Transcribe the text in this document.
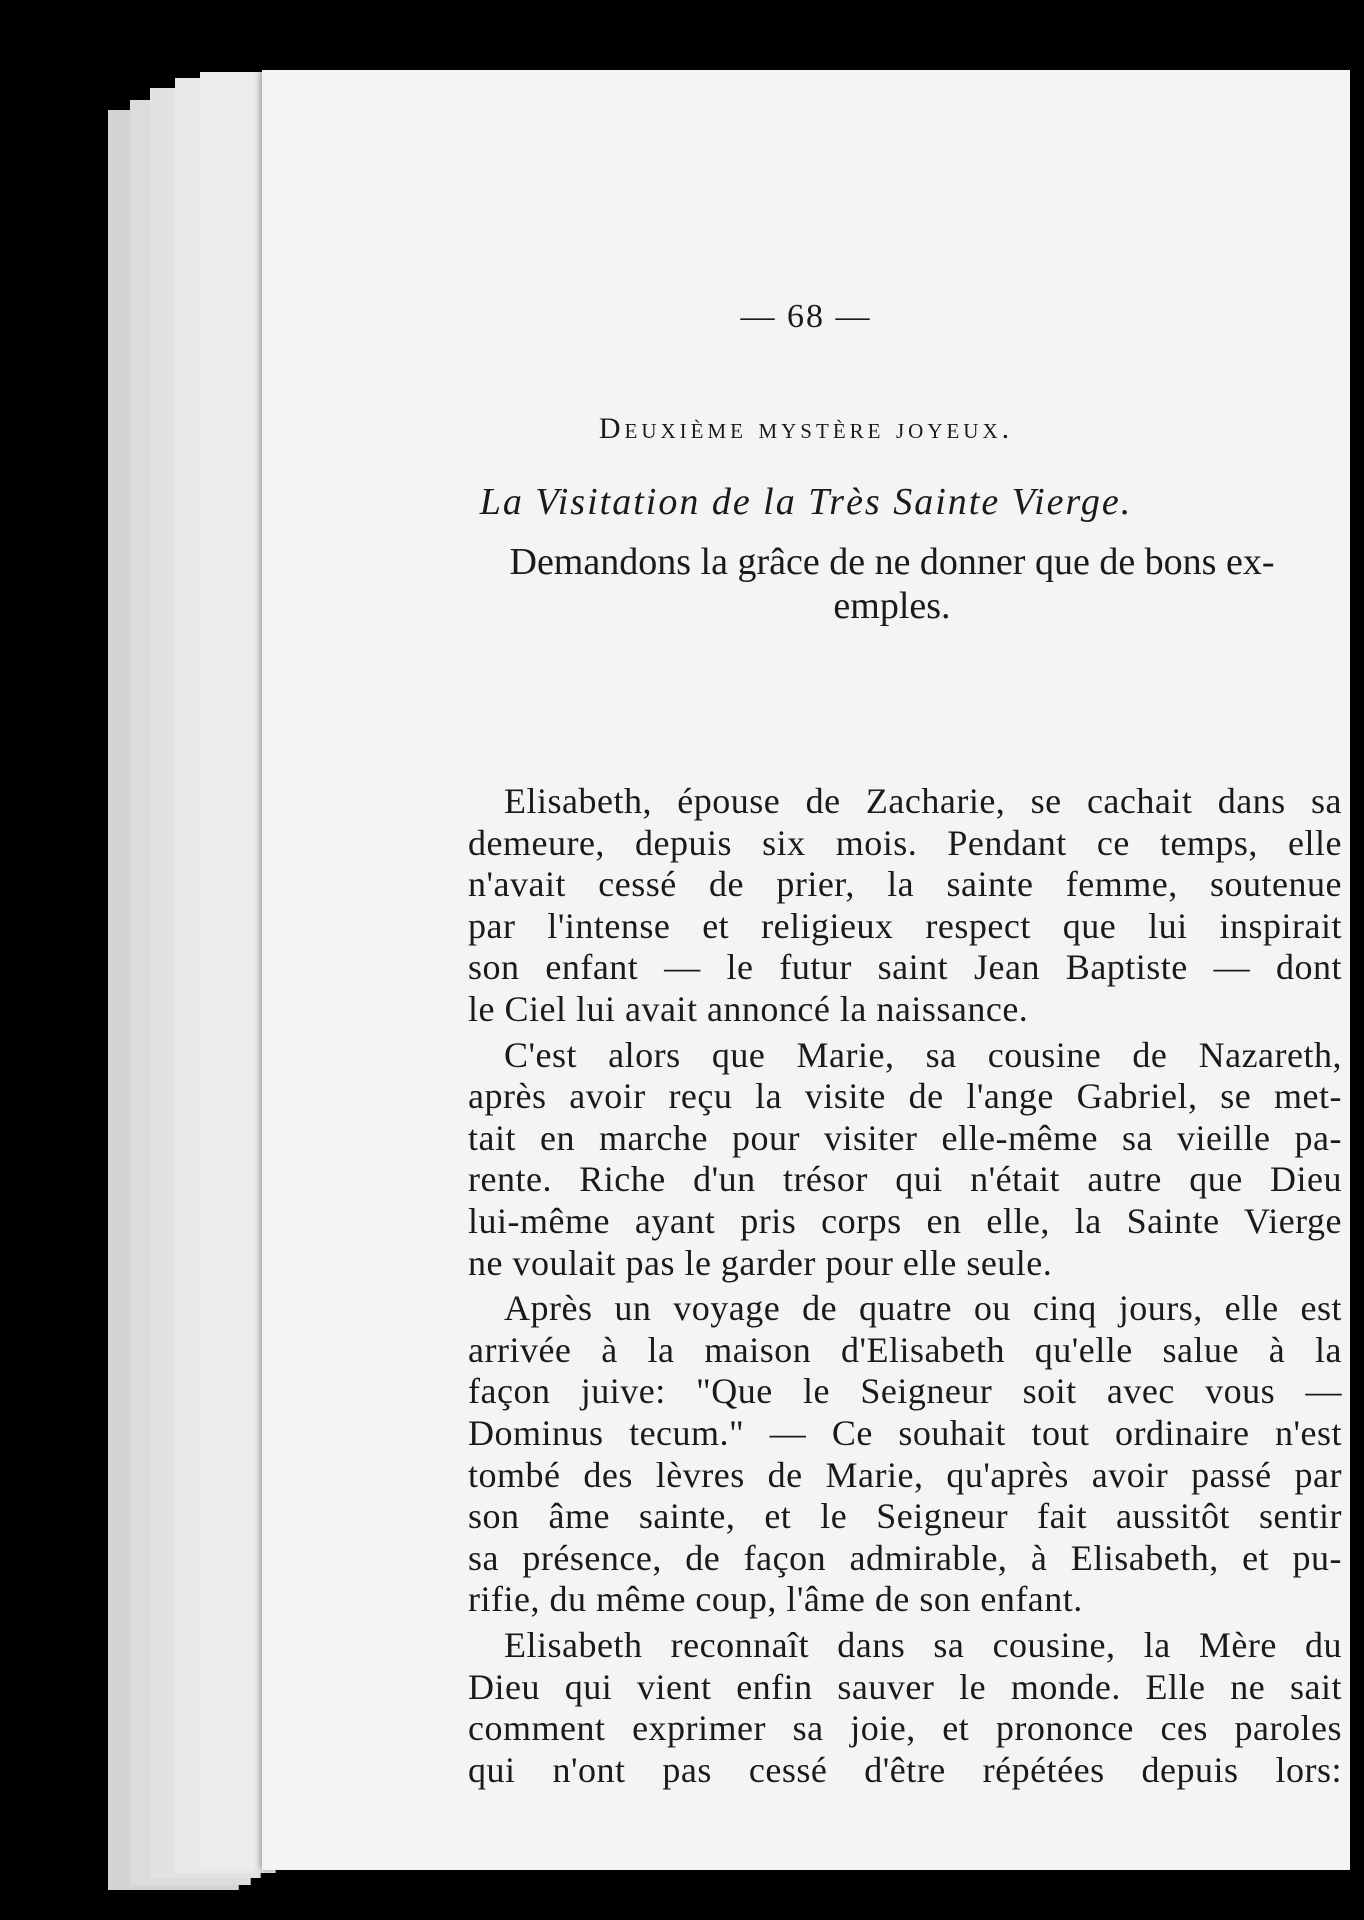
— 68 —
Deuxième mystère joyeux.
La Visitation de la Très Sainte Vierge.
Demandons la grâce de ne donner que de bons ex-
emples.
Elisabeth, épouse de Zacharie, se cachait dans sa
demeure, depuis six mois. Pendant ce temps, elle
n'avait cessé de prier, la sainte femme, soutenue
par l'intense et religieux respect que lui inspirait
son enfant — le futur saint Jean Baptiste — dont
le Ciel lui avait annoncé la naissance.
C'est alors que Marie, sa cousine de Nazareth,
après avoir reçu la visite de l'ange Gabriel, se met-
tait en marche pour visiter elle-même sa vieille pa-
rente. Riche d'un trésor qui n'était autre que Dieu
lui-même ayant pris corps en elle, la Sainte Vierge
ne voulait pas le garder pour elle seule.
Après un voyage de quatre ou cinq jours, elle est
arrivée à la maison d'Elisabeth qu'elle salue à la
façon juive: "Que le Seigneur soit avec vous —
Dominus tecum." — Ce souhait tout ordinaire n'est
tombé des lèvres de Marie, qu'après avoir passé par
son âme sainte, et le Seigneur fait aussitôt sentir
sa présence, de façon admirable, à Elisabeth, et pu-
rifie, du même coup, l'âme de son enfant.
Elisabeth reconnaît dans sa cousine, la Mère du
Dieu qui vient enfin sauver le monde. Elle ne sait
comment exprimer sa joie, et prononce ces paroles
qui n'ont pas cessé d'être répétées depuis lors:
